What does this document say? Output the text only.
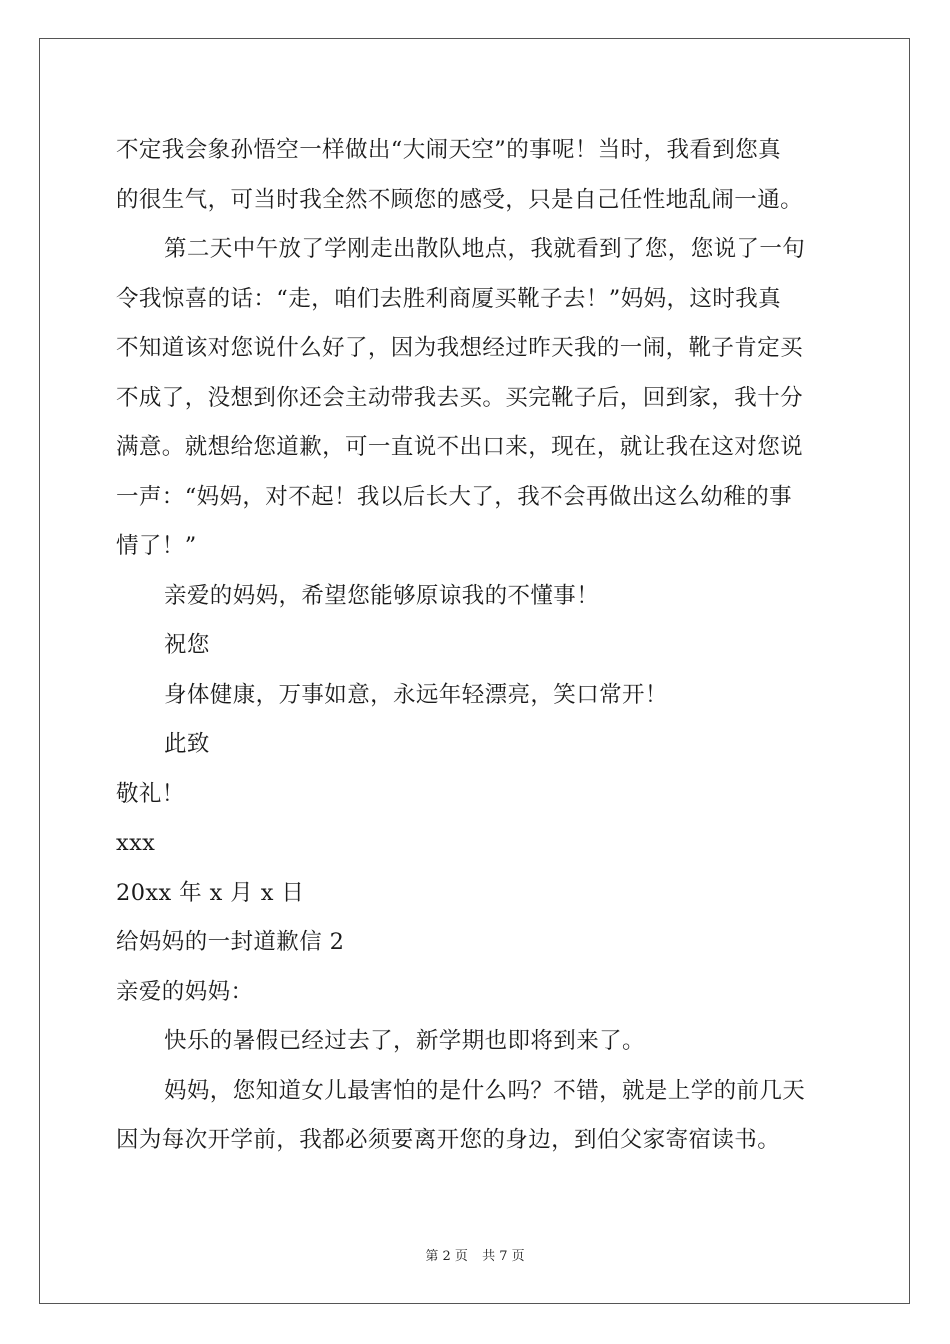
不定我会象孙悟空一样做出“大闹天空”的事呢！当时，我看到您真
的很生气，可当时我全然不顾您的感受，只是自己任性地乱闹一通。
第二天中午放了学刚走出散队地点，我就看到了您，您说了一句
令我惊喜的话：“走，咱们去胜利商厦买靴子去！”妈妈，这时我真
不知道该对您说什么好了，因为我想经过昨天我的一闹，靴子肯定买
不成了，没想到你还会主动带我去买。买完靴子后，回到家，我十分
满意。就想给您道歉，可一直说不出口来，现在，就让我在这对您说
一声：“妈妈，对不起！我以后长大了，我不会再做出这么幼稚的事
情了！”
亲爱的妈妈，希望您能够原谅我的不懂事！
祝您
身体健康，万事如意，永远年轻漂亮，笑口常开！
此致
敬礼！
xxx
20xx 年 x 月 x 日
给妈妈的一封道歉信 2
亲爱的妈妈：
快乐的暑假已经过去了，新学期也即将到来了。
妈妈，您知道女儿最害怕的是什么吗？不错，就是上学的前几天
因为每次开学前，我都必须要离开您的身边，到伯父家寄宿读书。
第 2 页 共 7 页
